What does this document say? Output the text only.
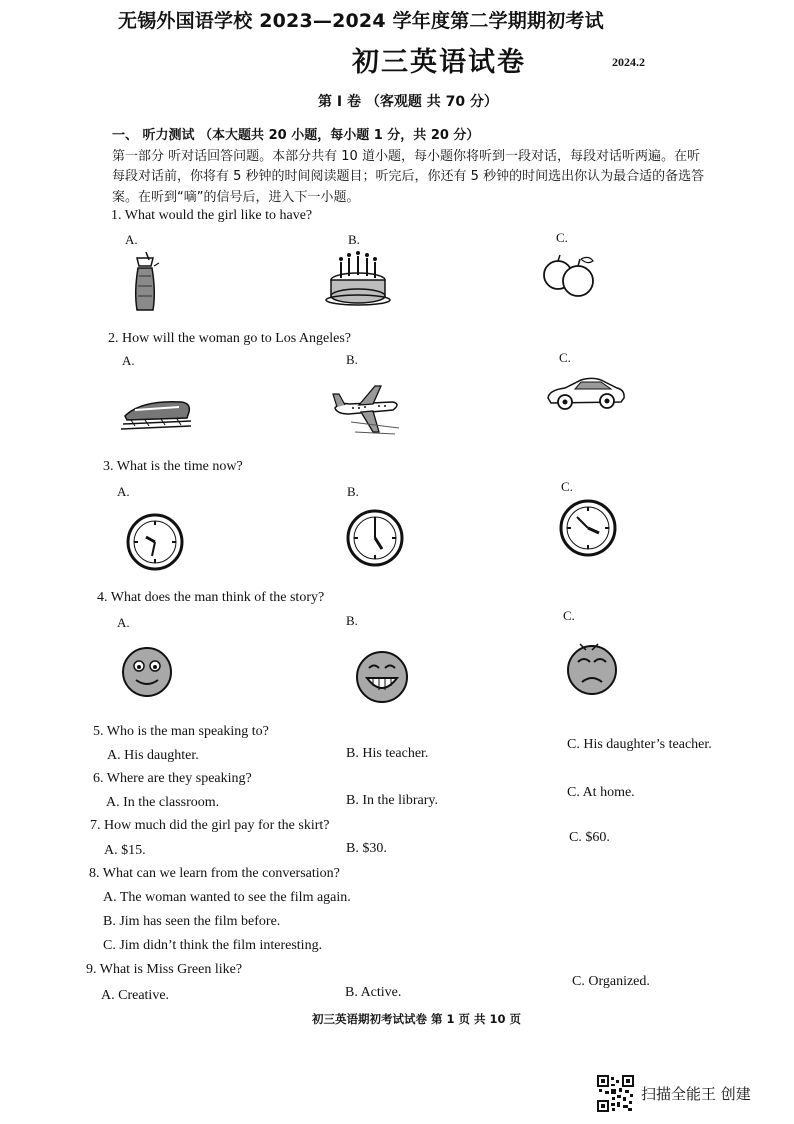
无锡外国语学校 2023—2024 学年度第二学期期初考试
初三英语试卷	2024.2
第 I 卷 （客观题 共 70 分）
一、 听力测试 （本大题共 20 小题，每小题 1 分，共 20 分）
第一部分 听对话回答问题。本部分共有 10 道小题，每小题你将听到一段对话，每段对话听两遍。在听
每段对话前，你将有 5 秒钟的时间阅读题目；听完后，你还有 5 秒钟的时间选出你认为最合适的备选答
案。在听到“嘀”的信号后，进入下一小题。
1. What would the girl like to have?
A.	B.	C.
2. How will the woman go to Los Angeles?
A.	B.	C.
3. What is the time now?
A.	B.	C.
4. What does the man think of the story?
A.	B.	C.
5. Who is the man speaking to?
A. His daughter.	B. His teacher.
C. His daughter’s teacher.
6. Where are they speaking?
A. In the classroom.	B. In the library.
C. At home.
7. How much did the girl pay for the skirt?
A. $15.	B. $30.
C. $60.
8. What can we learn from the conversation?
A. The woman wanted to see the film again.
B. Jim has seen the film before.
C. Jim didn’t think the film interesting.
9. What is Miss Green like?
A. Creative.	B. Active.
C. Organized.
初三英语期初考试试卷 第 1 页 共 10 页
扫描全能王 创建
